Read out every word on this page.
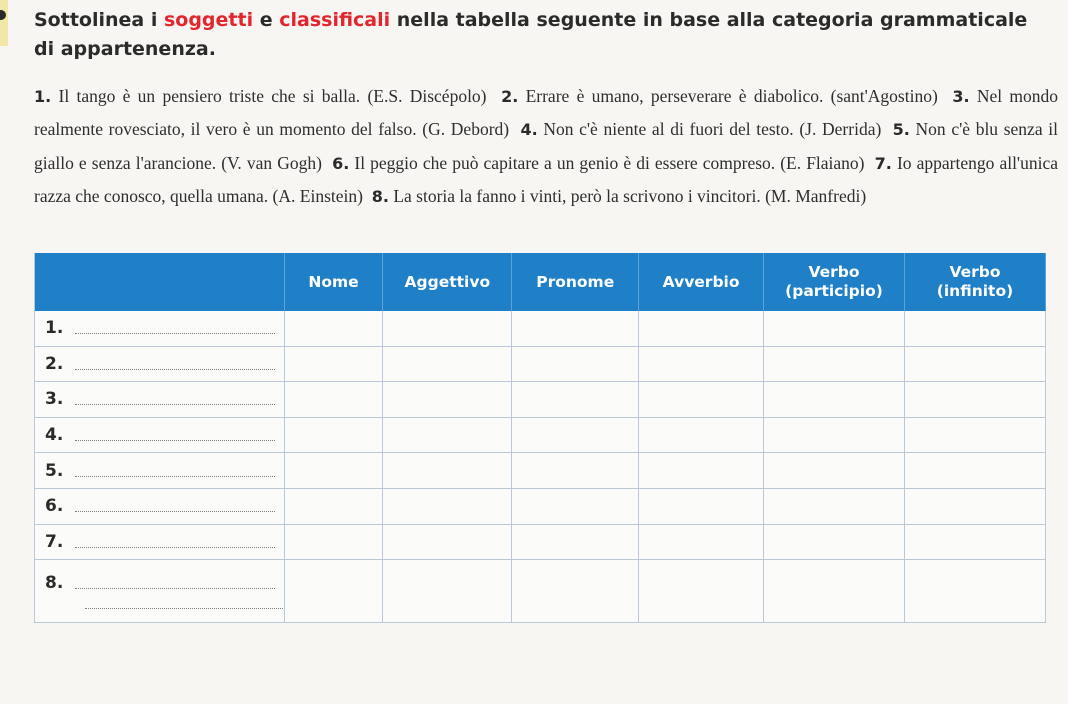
Sottolinea i soggetti e classificali nella tabella seguente in base alla categoria grammaticale di appartenenza.
1. Il tango è un pensiero triste che si balla. (E.S. Discépolo) 2. Errare è umano, perseverare è diabolico. (sant'Agostino) 3. Nel mondo realmente rovesciato, il vero è un momento del falso. (G. Debord) 4. Non c'è niente al di fuori del testo. (J. Derrida) 5. Non c'è blu senza il giallo e senza l'arancione. (V. van Gogh) 6. Il peggio che può capitare a un genio è di essere compreso. (E. Flaiano) 7. Io appartengo all'unica razza che conosco, quella umana. (A. Einstein) 8. La storia la fanno i vinti, però la scrivono i vincitori. (M. Manfredi)
	Nome	Aggettivo	Pronome	Avverbio	Verbo (participio)	Verbo (infinito)
1.						
2.						
3.						
4.						
5.						
6.						
7.						
8.
